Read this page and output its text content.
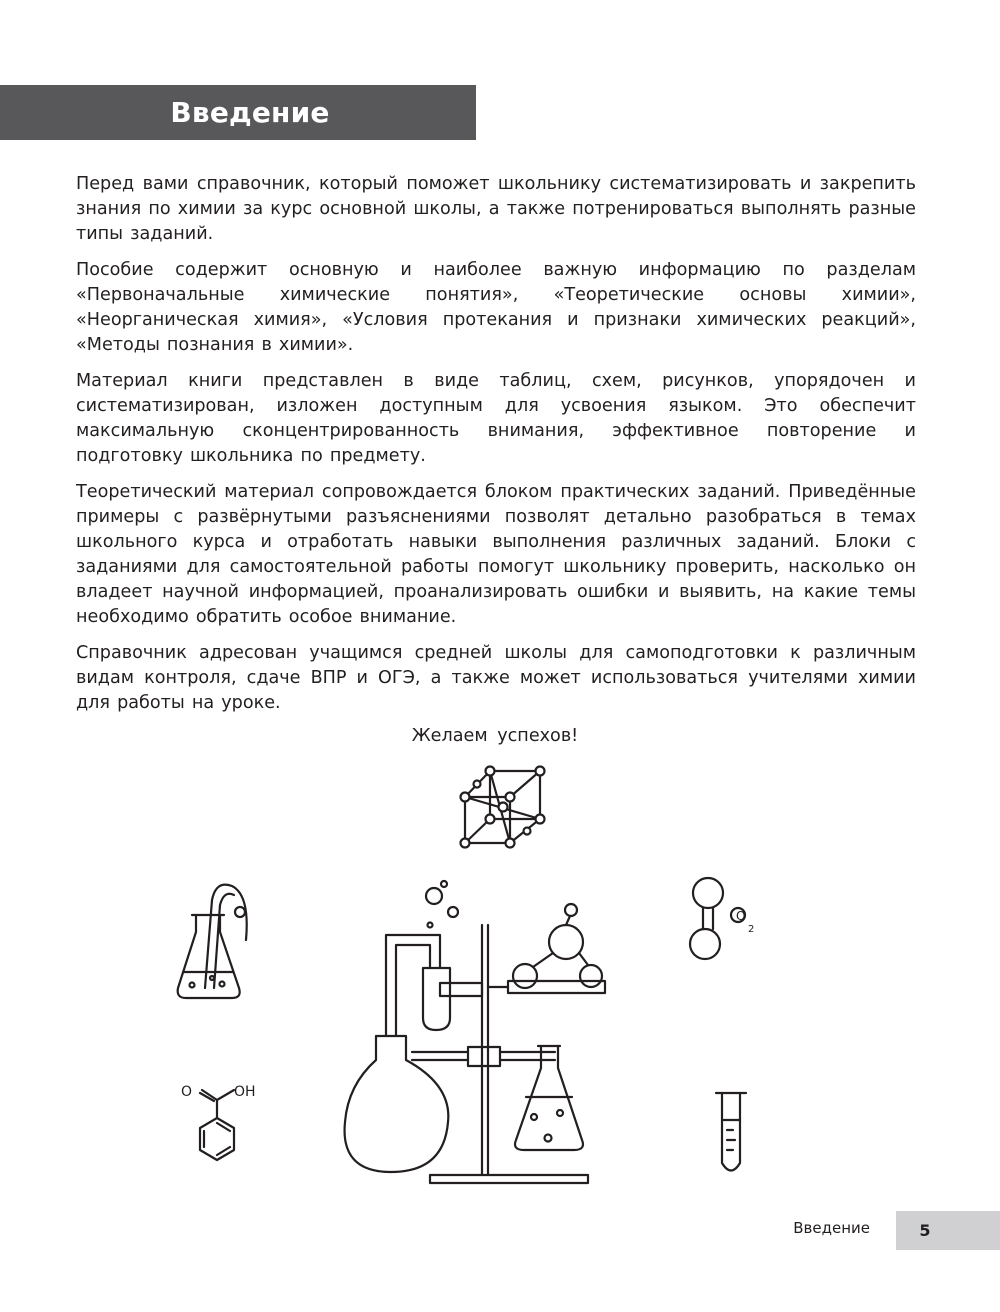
Введение

Перед вами справочник, который поможет школьнику систематизировать и закрепить знания по химии за курс основной школы, а также потренироваться выполнять разные типы заданий.

Пособие содержит основную и наиболее важную информацию по разделам «Первоначальные химические понятия», «Теоретические основы химии», «Неорганическая химия», «Условия протекания и признаки химических реакций», «Методы познания в химии».

Материал книги представлен в виде таблиц, схем, рисунков, упорядочен и систематизирован, изложен доступным для усвоения языком. Это обеспечит максимальную сконцентрированность внимания, эффективное повторение и подготовку школьника по предмету.

Теоретический материал сопровождается блоком практических заданий. Приведённые примеры с развёрнутыми разъяснениями позволят детально разобраться в темах школьного курса и отработать навыки выполнения различных заданий. Блоки с заданиями для самостоятельной работы помогут школьнику проверить, насколько он владеет научной информацией, проанализировать ошибки и выявить, на какие темы необходимо обратить особое внимание.

Справочник адресован учащимся средней школы для самоподготовки к различным видам контроля, сдаче ВПР и ОГЭ, а также может использоваться учителями химии для работы на уроке.

Желаем успехов!
O
2
O	OH
Введение	5
